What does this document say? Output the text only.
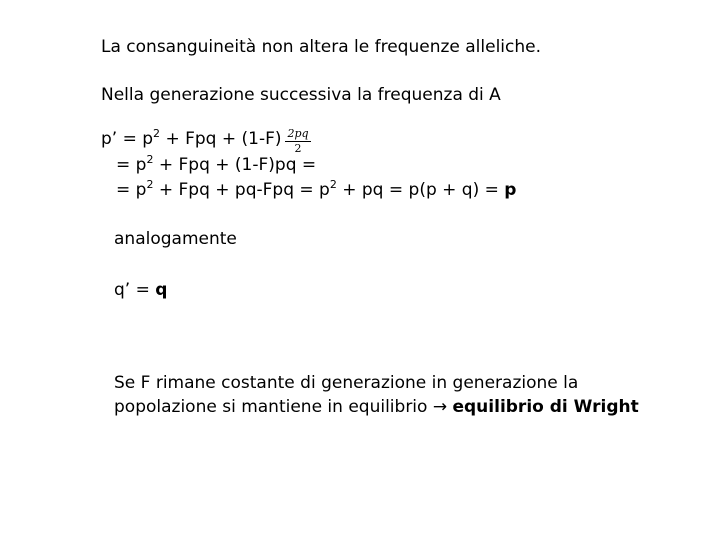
La consanguineità non altera le frequenze alleliche.
Nella generazione successiva la frequenza di A
p’ = $p^2$ + Fpq + $(1-F) \frac{2pq}{2}$
= $p^2$ + Fpq + (1-F)pq =
= $p^2$ + Fpq + $pq-Fpq = p^2$ + pq = p(p + q) = p
analogamente
q’ = q
Se F rimane costante di generazione in generazione la
popolazione si mantiene in equilibrio → equilibrio di Wright
